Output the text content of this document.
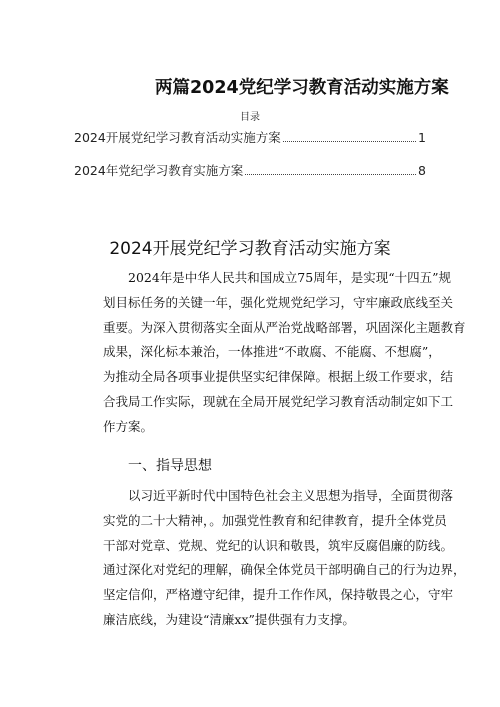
两篇2024党纪学习教育活动实施方案
目录
2024开展党纪学习教育活动实施方案	1
2024年党纪学习教育实施方案	8
2024开展党纪学习教育活动实施方案
2024年是中华人民共和国成立75周年，是实现“十四五”规
划目标任务的关键一年，强化党规党纪学习，守牢廉政底线至关
重要。为深入贯彻落实全面从严治党战略部署，巩固深化主题教育
成果，深化标本兼治，一体推进“不敢腐、不能腐、不想腐”，
为推动全局各项事业提供坚实纪律保障。根据上级工作要求，结
合我局工作实际，现就在全局开展党纪学习教育活动制定如下工
作方案。
一、指导思想
以习近平新时代中国特色社会主义思想为指导，全面贯彻落
实党的二十大精神，。加强党性教育和纪律教育，提升全体党员
干部对党章、党规、党纪的认识和敬畏，筑牢反腐倡廉的防线。
通过深化对党纪的理解，确保全体党员干部明确自己的行为边界，
坚定信仰，严格遵守纪律，提升工作作风，保持敬畏之心，守牢
廉洁底线，为建设“清廉xx”提供强有力支撑。
